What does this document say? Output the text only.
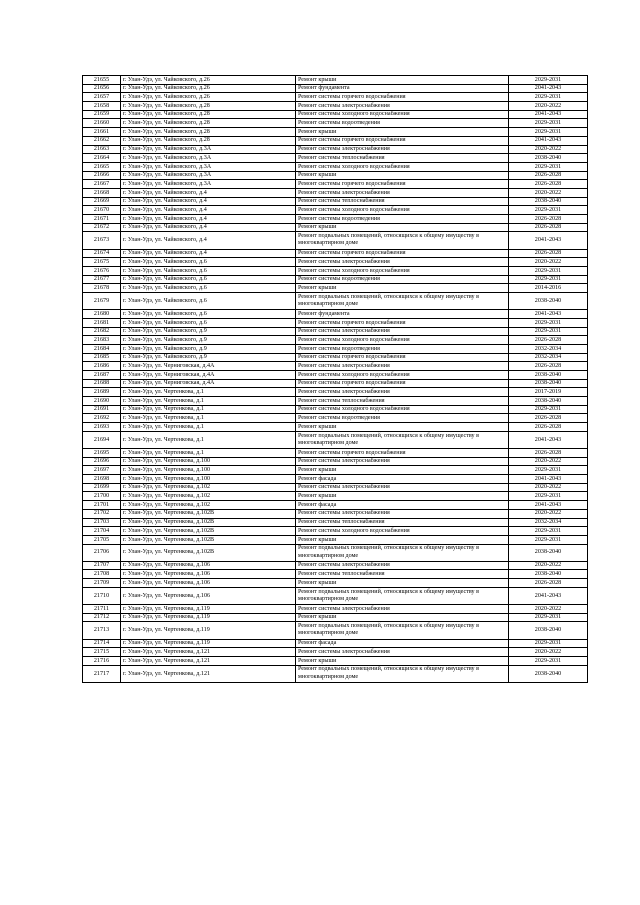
21655	г. Улан-Удэ, ул. Чайковского, д.26	Ремонт крыши	2029-2031
21656	г. Улан-Удэ, ул. Чайковского, д.26	Ремонт фундамента	2041-2043
21657	г. Улан-Удэ, ул. Чайковского, д.26	Ремонт системы горячего водоснабжения	2029-2031
21658	г. Улан-Удэ, ул. Чайковского, д.28	Ремонт системы электроснабжения	2020-2022
21659	г. Улан-Удэ, ул. Чайковского, д.28	Ремонт системы холодного водоснабжения	2041-2043
21660	г. Улан-Удэ, ул. Чайковского, д.28	Ремонт системы водоотведения	2029-2031
21661	г. Улан-Удэ, ул. Чайковского, д.28	Ремонт крыши	2029-2031
21662	г. Улан-Удэ, ул. Чайковского, д.28	Ремонт системы горячего водоснабжения	2041-2043
21663	г. Улан-Удэ, ул. Чайковского, д.3А	Ремонт системы электроснабжения	2020-2022
21664	г. Улан-Удэ, ул. Чайковского, д.3А	Ремонт системы теплоснабжения	2038-2040
21665	г. Улан-Удэ, ул. Чайковского, д.3А	Ремонт системы холодного водоснабжения	2029-2031
21666	г. Улан-Удэ, ул. Чайковского, д.3А	Ремонт крыши	2026-2028
21667	г. Улан-Удэ, ул. Чайковского, д.3А	Ремонт системы горячего водоснабжения	2026-2028
21668	г. Улан-Удэ, ул. Чайковского, д.4	Ремонт системы электроснабжения	2020-2022
21669	г. Улан-Удэ, ул. Чайковского, д.4	Ремонт системы теплоснабжения	2038-2040
21670	г. Улан-Удэ, ул. Чайковского, д.4	Ремонт системы холодного водоснабжения	2029-2031
21671	г. Улан-Удэ, ул. Чайковского, д.4	Ремонт системы водоотведения	2026-2028
21672	г. Улан-Удэ, ул. Чайковского, д.4	Ремонт крыши	2026-2028
21673	г. Улан-Удэ, ул. Чайковского, д.4	Ремонт подвальных помещений, относящихся к общему имуществу в многоквартирном доме	2041-2043
21674	г. Улан-Удэ, ул. Чайковского, д.4	Ремонт системы горячего водоснабжения	2026-2028
21675	г. Улан-Удэ, ул. Чайковского, д.6	Ремонт системы электроснабжения	2020-2022
21676	г. Улан-Удэ, ул. Чайковского, д.6	Ремонт системы холодного водоснабжения	2029-2031
21677	г. Улан-Удэ, ул. Чайковского, д.6	Ремонт системы водоотведения	2029-2031
21678	г. Улан-Удэ, ул. Чайковского, д.6	Ремонт крыши	2014-2016
21679	г. Улан-Удэ, ул. Чайковского, д.6	Ремонт подвальных помещений, относящихся к общему имуществу в многоквартирном доме	2038-2040
21680	г. Улан-Удэ, ул. Чайковского, д.6	Ремонт фундамента	2041-2043
21681	г. Улан-Удэ, ул. Чайковского, д.6	Ремонт системы горячего водоснабжения	2029-2031
21682	г. Улан-Удэ, ул. Чайковского, д.9	Ремонт системы электроснабжения	2029-2031
21683	г. Улан-Удэ, ул. Чайковского, д.9	Ремонт системы холодного водоснабжения	2026-2028
21684	г. Улан-Удэ, ул. Чайковского, д.9	Ремонт системы водоотведения	2032-2034
21685	г. Улан-Удэ, ул. Чайковского, д.9	Ремонт системы горячего водоснабжения	2032-2034
21686	г. Улан-Удэ, ул. Черниговская, д.4А	Ремонт системы электроснабжения	2026-2028
21687	г. Улан-Удэ, ул. Черниговская, д.4А	Ремонт системы холодного водоснабжения	2038-2040
21688	г. Улан-Удэ, ул. Черниговская, д.4А	Ремонт системы горячего водоснабжения	2038-2040
21689	г. Улан-Удэ, ул. Чертенкова, д.1	Ремонт системы электроснабжения	2017-2019
21690	г. Улан-Удэ, ул. Чертенкова, д.1	Ремонт системы теплоснабжения	2038-2040
21691	г. Улан-Удэ, ул. Чертенкова, д.1	Ремонт системы холодного водоснабжения	2029-2031
21692	г. Улан-Удэ, ул. Чертенкова, д.1	Ремонт системы водоотведения	2026-2028
21693	г. Улан-Удэ, ул. Чертенкова, д.1	Ремонт крыши	2026-2028
21694	г. Улан-Удэ, ул. Чертенкова, д.1	Ремонт подвальных помещений, относящихся к общему имуществу в многоквартирном доме	2041-2043
21695	г. Улан-Удэ, ул. Чертенкова, д.1	Ремонт системы горячего водоснабжения	2026-2028
21696	г. Улан-Удэ, ул. Чертенкова, д.100	Ремонт системы электроснабжения	2020-2022
21697	г. Улан-Удэ, ул. Чертенкова, д.100	Ремонт крыши	2029-2031
21698	г. Улан-Удэ, ул. Чертенкова, д.100	Ремонт фасада	2041-2043
21699	г. Улан-Удэ, ул. Чертенкова, д.102	Ремонт системы электроснабжения	2020-2022
21700	г. Улан-Удэ, ул. Чертенкова, д.102	Ремонт крыши	2029-2031
21701	г. Улан-Удэ, ул. Чертенкова, д.102	Ремонт фасада	2041-2043
21702	г. Улан-Удэ, ул. Чертенкова, д.102В	Ремонт системы электроснабжения	2020-2022
21703	г. Улан-Удэ, ул. Чертенкова, д.102В	Ремонт системы теплоснабжения	2032-2034
21704	г. Улан-Удэ, ул. Чертенкова, д.102В	Ремонт системы холодного водоснабжения	2029-2031
21705	г. Улан-Удэ, ул. Чертенкова, д.102В	Ремонт крыши	2029-2031
21706	г. Улан-Удэ, ул. Чертенкова, д.102В	Ремонт подвальных помещений, относящихся к общему имуществу в многоквартирном доме	2038-2040
21707	г. Улан-Удэ, ул. Чертенкова, д.106	Ремонт системы электроснабжения	2020-2022
21708	г. Улан-Удэ, ул. Чертенкова, д.106	Ремонт системы теплоснабжения	2038-2040
21709	г. Улан-Удэ, ул. Чертенкова, д.106	Ремонт крыши	2026-2028
21710	г. Улан-Удэ, ул. Чертенкова, д.106	Ремонт подвальных помещений, относящихся к общему имуществу в многоквартирном доме	2041-2043
21711	г. Улан-Удэ, ул. Чертенкова, д.119	Ремонт системы электроснабжения	2020-2022
21712	г. Улан-Удэ, ул. Чертенкова, д.119	Ремонт крыши	2029-2031
21713	г. Улан-Удэ, ул. Чертенкова, д.119	Ремонт подвальных помещений, относящихся к общему имуществу в многоквартирном доме	2038-2040
21714	г. Улан-Удэ, ул. Чертенкова, д.119	Ремонт фасада	2029-2031
21715	г. Улан-Удэ, ул. Чертенкова, д.121	Ремонт системы электроснабжения	2020-2022
21716	г. Улан-Удэ, ул. Чертенкова, д.121	Ремонт крыши	2029-2031
21717	г. Улан-Удэ, ул. Чертенкова, д.121	Ремонт подвальных помещений, относящихся к общему имуществу в многоквартирном доме	2038-2040
